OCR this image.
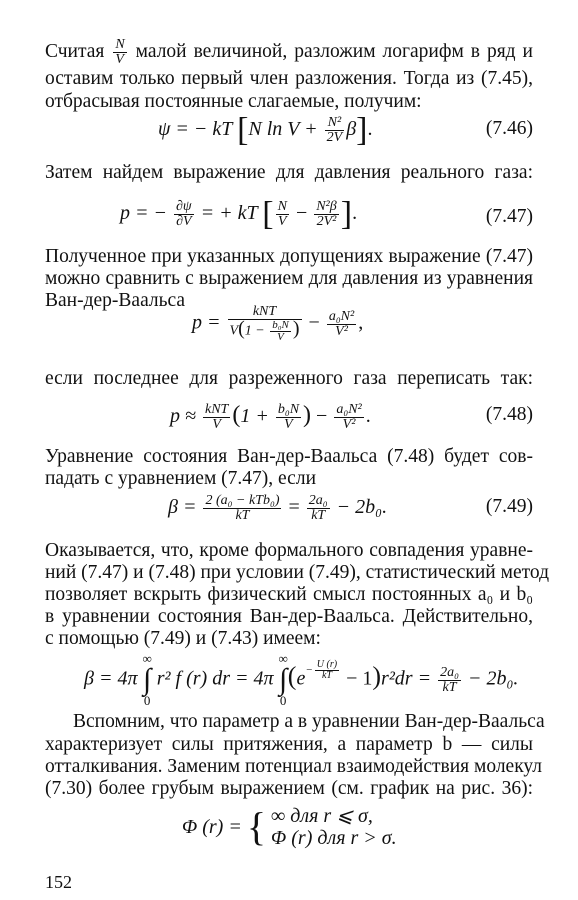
Считая $\frac{N}{V}$ малой величиной, разложим логарифм в ряд и
оставим только первый член разложения. Тогда из (7.45),
отбрасывая постоянные слагаемые, получим:
ψ = − kT [N $\ln V + \frac{\text{N²}}{2V} \beta$].	(7.46)
Затем найдем выражение для давления реального газа:
p = − $\frac{\partial\psi}{\partial V}$ = + kT [ $\frac{N}{V} - \frac{\text{N²β}}{\text{2V²}}$ ].	(7.47)
Полученное при указанных допущениях выражение (7.47)
можно сравнить с выражением для давления из уравнения
Ван-дер-Ваальса
$p = \frac{\text{kNT}}{V(1 - \frac{\text{b₀N}}{V} )} - \frac{\text{a₀N²}}{\text{V²}}$ ,
если последнее для разреженного газа переписать так:
$p \approx \frac{\text{kNT}}{V} (1 + \frac{\text{b₀N}}{V}$ ) − $\frac{\text{a₀N²}}{\text{V²}}$ .	(7.48)
Уравнение состояния Ван-дер-Ваальса (7.48) будет сов-
падать с уравнением (7.47), если
$\beta = \frac{\text{2 (a₀ − kTb₀)}}{kT} = \frac{\text{2a₀}}{kT} - 2b_0$.	(7.49)
Оказывается, что, кроме формального совпадения уравне-
ний (7.47) и (7.48) при условии (7.49), статистический метод
позволяет вскрыть физический смысл постоянных a₀ и b₀
в уравнении состояния Ван-дер-Ваальса. Действительно,
с помощью (7.49) и (7.43) имеем:
β = 4π
∞
∫
0
r² f (r) dr = 4π
∞
∫
0
$(e^{- \frac{U (r)}{kT}} - 1)r^2dr = \frac{\text{2a₀}}{kT} - 2b_0$.
Вспомним, что параметр a в уравнении Ван-дер-Ваальса
характеризует силы притяжения, а параметр b — силы
отталкивания. Заменим потенциал взаимодействия молекул
(7.30) более грубым выражением (см. график на рис. 36):
Φ (r) = { ∞ для r ⩽ σ,
Φ (r) для r > σ.
152
